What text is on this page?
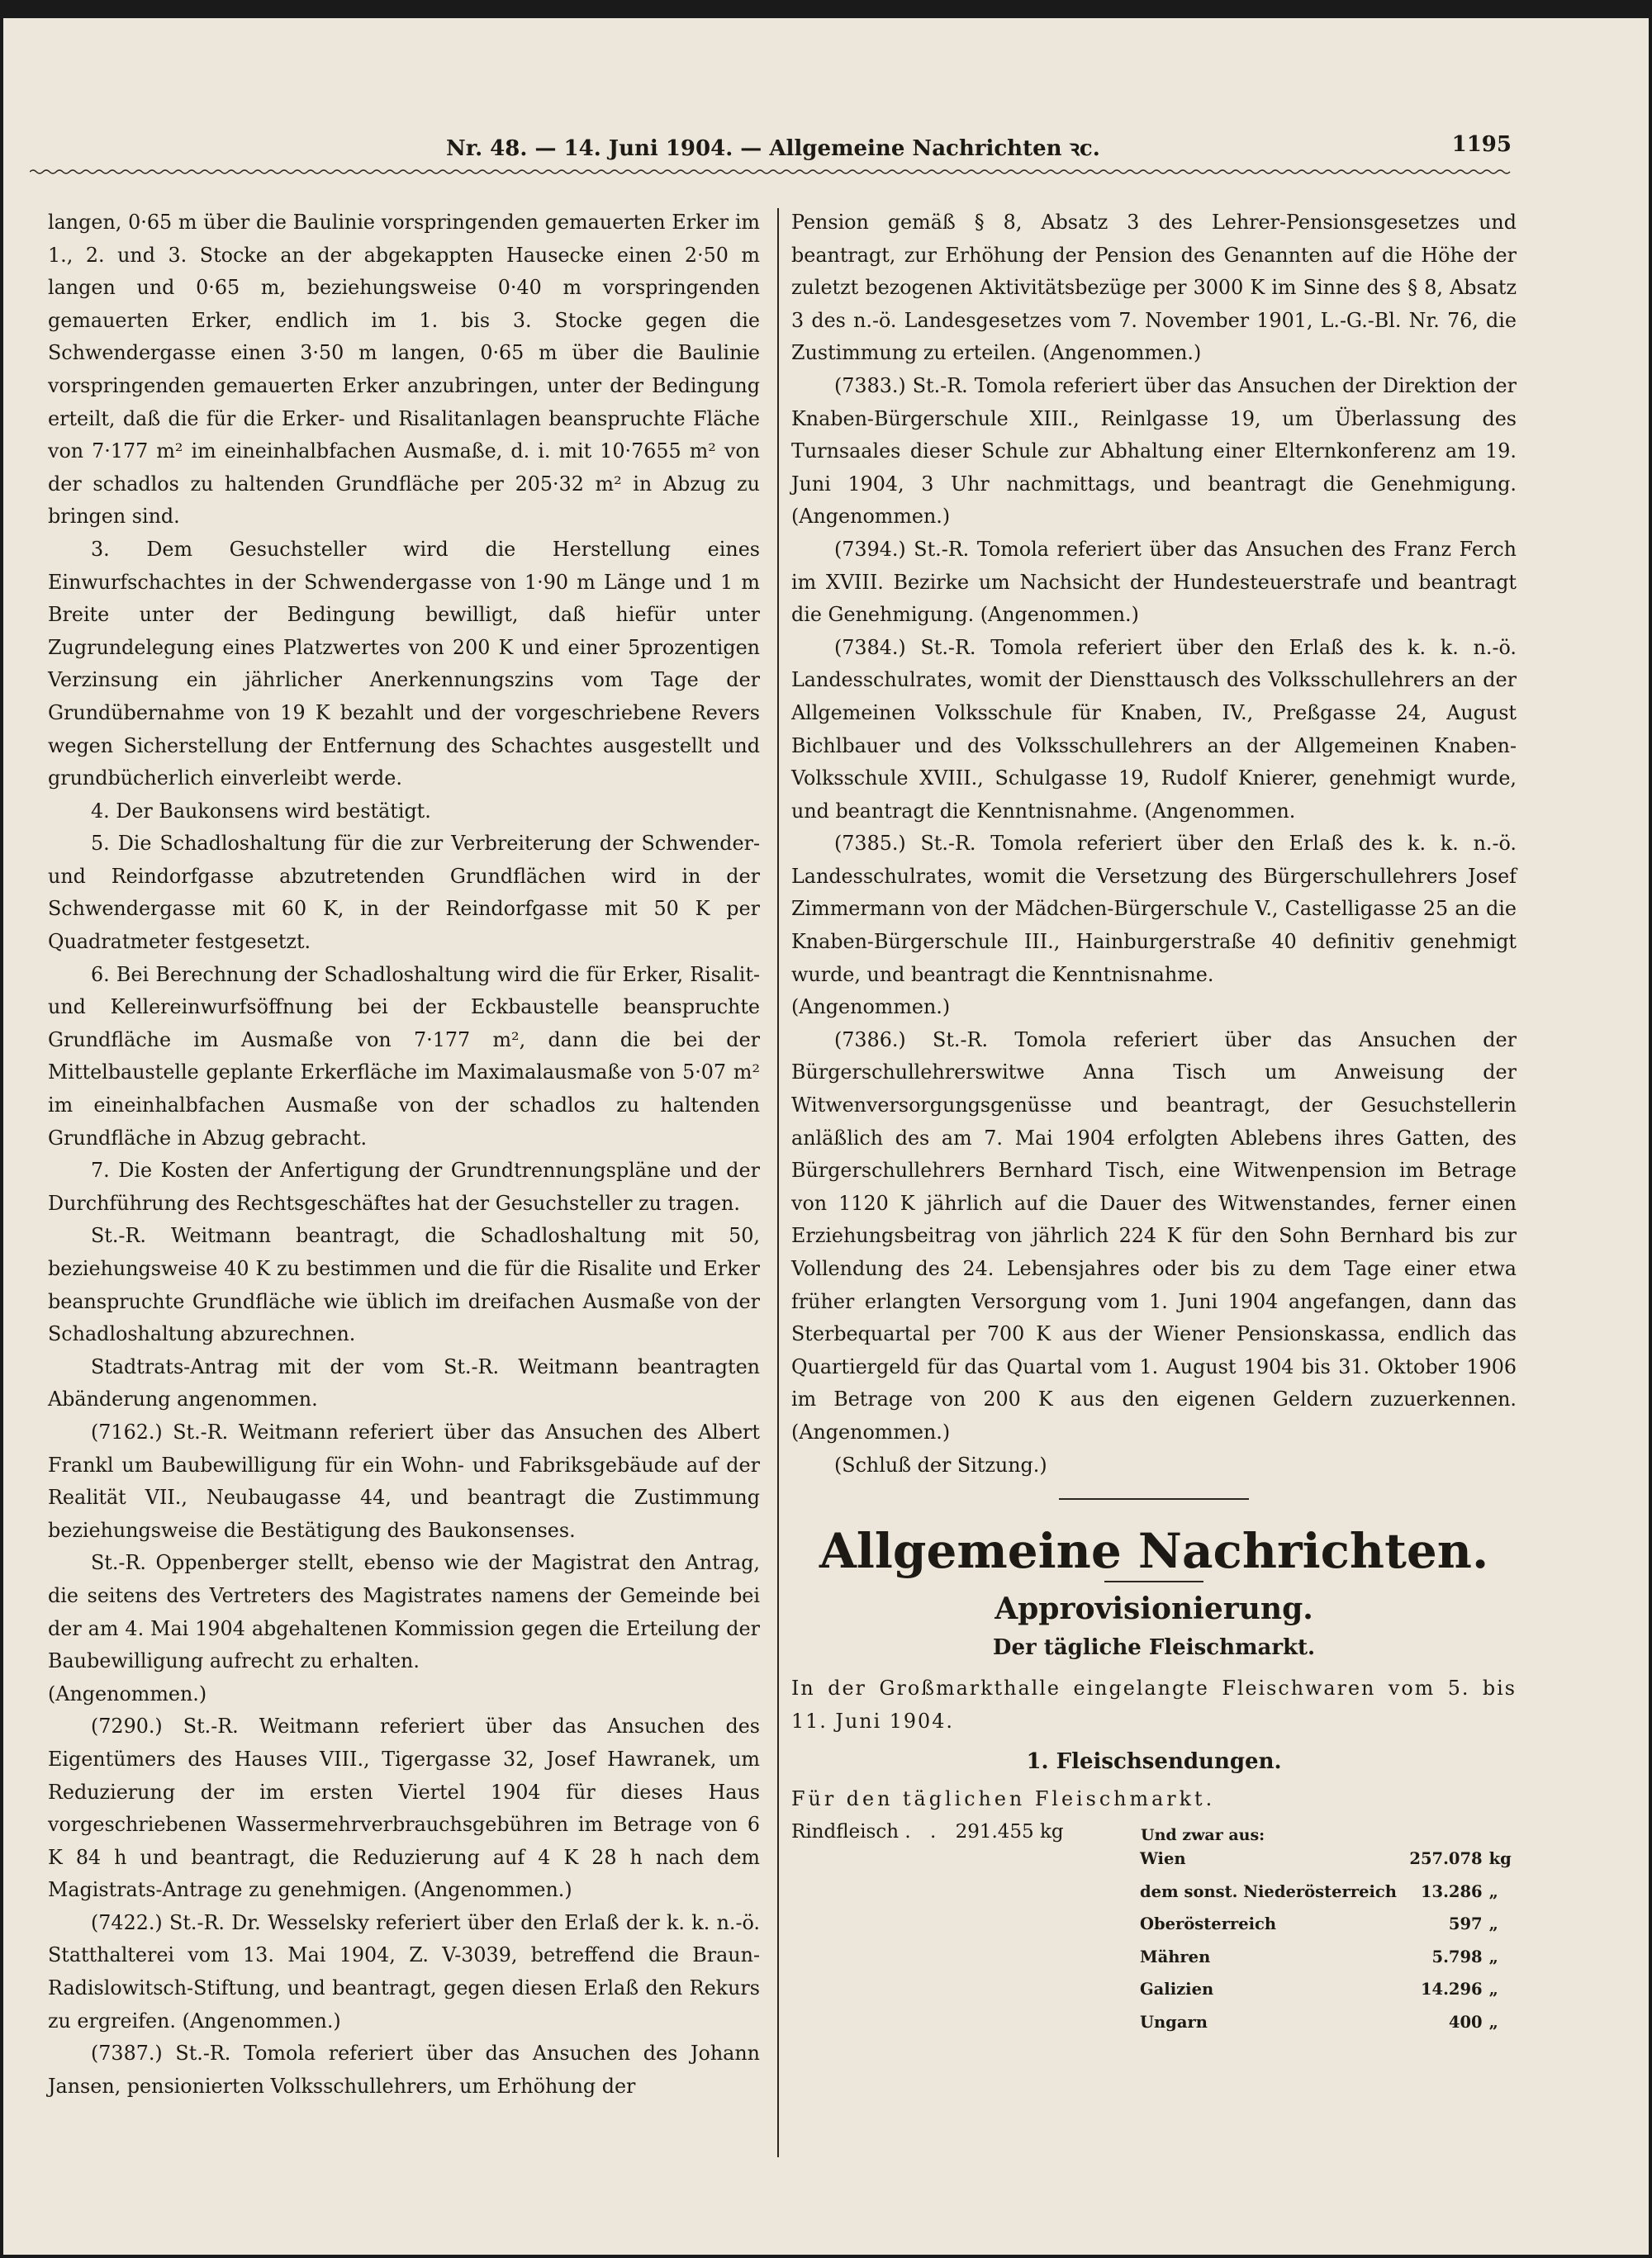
Nr. 48. — 14. Juni 1904. — Allgemeine Nachrichten ꝛc.	1195

langen, 0·65 m über die Baulinie vorspringenden gemauerten Erker im 1., 2. und 3. Stocke an der abgekappten Hausecke einen 2·50 m langen und 0·65 m, beziehungsweise 0·40 m vorspringenden gemauerten Erker, endlich im 1. bis 3. Stocke gegen die Schwendergasse einen 3·50 m langen, 0·65 m über die Baulinie vorspringenden gemauerten Erker anzubringen, unter der Bedingung erteilt, daß die für die Erker- und Risalitanlagen beanspruchte Fläche von 7·177 m² im eineinhalbfachen Ausmaße, d. i. mit 10·7655 m² von der schadlos zu haltenden Grundfläche per 205·32 m² in Abzug zu bringen sind.

3. Dem Gesuchsteller wird die Herstellung eines Einwurfschachtes in der Schwendergasse von 1·90 m Länge und 1 m Breite unter der Bedingung bewilligt, daß hiefür unter Zugrundelegung eines Platzwertes von 200 K und einer 5prozentigen Verzinsung ein jährlicher Anerkennungszins vom Tage der Grundübernahme von 19 K bezahlt und der vorgeschriebene Revers wegen Sicherstellung der Entfernung des Schachtes ausgestellt und grundbücherlich einverleibt werde.

4. Der Baukonsens wird bestätigt.

5. Die Schadloshaltung für die zur Verbreiterung der Schwender- und Reindorfgasse abzutretenden Grundflächen wird in der Schwendergasse mit 60 K, in der Reindorfgasse mit 50 K per Quadratmeter festgesetzt.

6. Bei Berechnung der Schadloshaltung wird die für Erker, Risalit- und Kellereinwurfsöffnung bei der Eckbaustelle beanspruchte Grundfläche im Ausmaße von 7·177 m², dann die bei der Mittelbaustelle geplante Erkerfläche im Maximalausmaße von 5·07 m² im eineinhalbfachen Ausmaße von der schadlos zu haltenden Grundfläche in Abzug gebracht.

7. Die Kosten der Anfertigung der Grundtrennungspläne und der Durchführung des Rechtsgeschäftes hat der Gesuchsteller zu tragen.

St.-R. Weitmann beantragt, die Schadloshaltung mit 50, beziehungsweise 40 K zu bestimmen und die für die Risalite und Erker beanspruchte Grundfläche wie üblich im dreifachen Ausmaße von der Schadloshaltung abzurechnen.

Stadtrats-Antrag mit der vom St.-R. Weitmann beantragten Abänderung angenommen.

(7162.) St.-R. Weitmann referiert über das Ansuchen des Albert Frankl um Baubewilligung für ein Wohn- und Fabriksgebäude auf der Realität VII., Neubaugasse 44, und beantragt die Zustimmung beziehungsweise die Bestätigung des Baukonsenses.

St.-R. Oppenberger stellt, ebenso wie der Magistrat den Antrag, die seitens des Vertreters des Magistrates namens der Gemeinde bei der am 4. Mai 1904 abgehaltenen Kommission gegen die Erteilung der Baubewilligung aufrecht zu erhalten.

(Angenommen.)

(7290.) St.-R. Weitmann referiert über das Ansuchen des Eigentümers des Hauses VIII., Tigergasse 32, Josef Hawranek, um Reduzierung der im ersten Viertel 1904 für dieses Haus vorgeschriebenen Wassermehrverbrauchsgebühren im Betrage von 6 K 84 h und beantragt, die Reduzierung auf 4 K 28 h nach dem Magistrats-Antrage zu genehmigen. (Angenommen.)

(7422.) St.-R. Dr. Wesselsky referiert über den Erlaß der k. k. n.-ö. Statthalterei vom 13. Mai 1904, Z. V-3039, betreffend die Braun-Radislowitsch-Stiftung, und beantragt, gegen diesen Erlaß den Rekurs zu ergreifen. (Angenommen.)

(7387.) St.-R. Tomola referiert über das Ansuchen des Johann Jansen, pensionierten Volksschullehrers, um Erhöhung der

Pension gemäß § 8, Absatz 3 des Lehrer-Pensionsgesetzes und beantragt, zur Erhöhung der Pension des Genannten auf die Höhe der zuletzt bezogenen Aktivitätsbezüge per 3000 K im Sinne des § 8, Absatz 3 des n.-ö. Landesgesetzes vom 7. November 1901, L.-G.-Bl. Nr. 76, die Zustimmung zu erteilen. (Angenommen.)

(7383.) St.-R. Tomola referiert über das Ansuchen der Direktion der Knaben-Bürgerschule XIII., Reinlgasse 19, um Überlassung des Turnsaales dieser Schule zur Abhaltung einer Elternkonferenz am 19. Juni 1904, 3 Uhr nachmittags, und beantragt die Genehmigung. (Angenommen.)

(7394.) St.-R. Tomola referiert über das Ansuchen des Franz Ferch im XVIII. Bezirke um Nachsicht der Hundesteuerstrafe und beantragt die Genehmigung. (Angenommen.)

(7384.) St.-R. Tomola referiert über den Erlaß des k. k. n.-ö. Landesschulrates, womit der Diensttausch des Volksschullehrers an der Allgemeinen Volksschule für Knaben, IV., Preßgasse 24, August Bichlbauer und des Volksschullehrers an der Allgemeinen Knaben-Volksschule XVIII., Schulgasse 19, Rudolf Knierer, genehmigt wurde, und beantragt die Kenntnisnahme. (Angenommen.

(7385.) St.-R. Tomola referiert über den Erlaß des k. k. n.-ö. Landesschulrates, womit die Versetzung des Bürgerschullehrers Josef Zimmermann von der Mädchen-Bürgerschule V., Castelligasse 25 an die Knaben-Bürgerschule III., Hainburgerstraße 40 definitiv genehmigt wurde, und beantragt die Kenntnisnahme.

(Angenommen.)

(7386.) St.-R. Tomola referiert über das Ansuchen der Bürgerschullehrerswitwe Anna Tisch um Anweisung der Witwenversorgungsgenüsse und beantragt, der Gesuchstellerin anläßlich des am 7. Mai 1904 erfolgten Ablebens ihres Gatten, des Bürgerschullehrers Bernhard Tisch, eine Witwenpension im Betrage von 1120 K jährlich auf die Dauer des Witwenstandes, ferner einen Erziehungsbeitrag von jährlich 224 K für den Sohn Bernhard bis zur Vollendung des 24. Lebensjahres oder bis zu dem Tage einer etwa früher erlangten Versorgung vom 1. Juni 1904 angefangen, dann das Sterbequartal per 700 K aus der Wiener Pensionskassa, endlich das Quartiergeld für das Quartal vom 1. August 1904 bis 31. Oktober 1906 im Betrage von 200 K aus den eigenen Geldern zuzuerkennen. (Angenommen.)

(Schluß der Sitzung.)

Allgemeine Nachrichten.
Approvisionierung.
Der tägliche Fleischmarkt.

In der Großmarkthalle eingelangte Fleischwaren vom 5. bis 11. Juni 1904.

1. Fleischsendungen.

Für den täglichen Fleischmarkt.

Rindfleisch . . 291.455 kg	Und zwar aus:
Wien	257.078	kg
dem sonst. Niederösterreich	13.286	„
Oberösterreich	597	„
Mähren	5.798	„
Galizien	14.296	„
Ungarn	400	„
